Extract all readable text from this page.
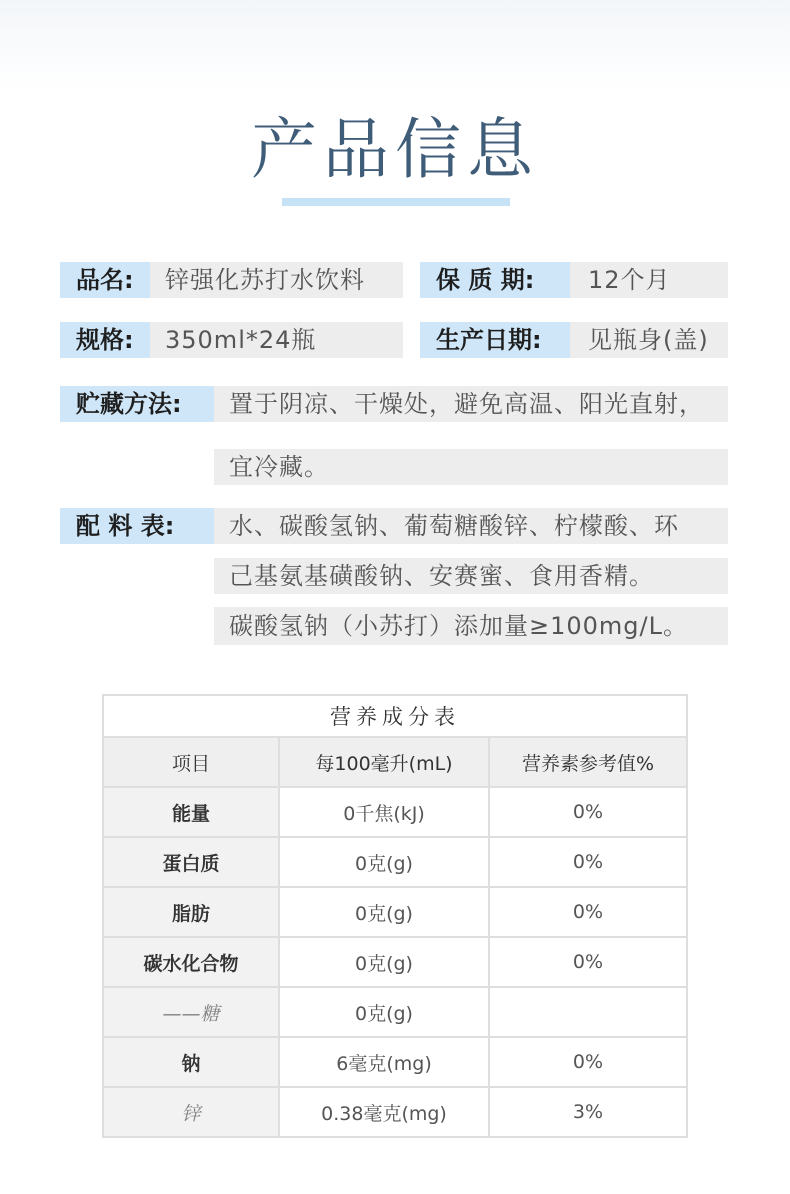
产品信息
品名:	锌强化苏打水饮料	保 质 期:	12个月
规格:	350ml*24瓶	生产日期:	见瓶身(盖)
贮藏方法:	置于阴凉、干燥处，避免高温、阳光直射，
宜冷藏。
配 料 表:	水、碳酸氢钠、葡萄糖酸锌、柠檬酸、环
己基氨基磺酸钠、安赛蜜、食用香精。
碳酸氢钠（小苏打）添加量≥100mg/L。
营养成分表		
项目	每100毫升(mL)	营养素参考值%
能量	0千焦(kJ)	0%
蛋白质	0克(g)	0%
脂肪	0克(g)	0%
碳水化合物	0克(g)	0%
——糖	0克(g)	
钠	6毫克(mg)	0%
锌	0.38毫克(mg)	3%
